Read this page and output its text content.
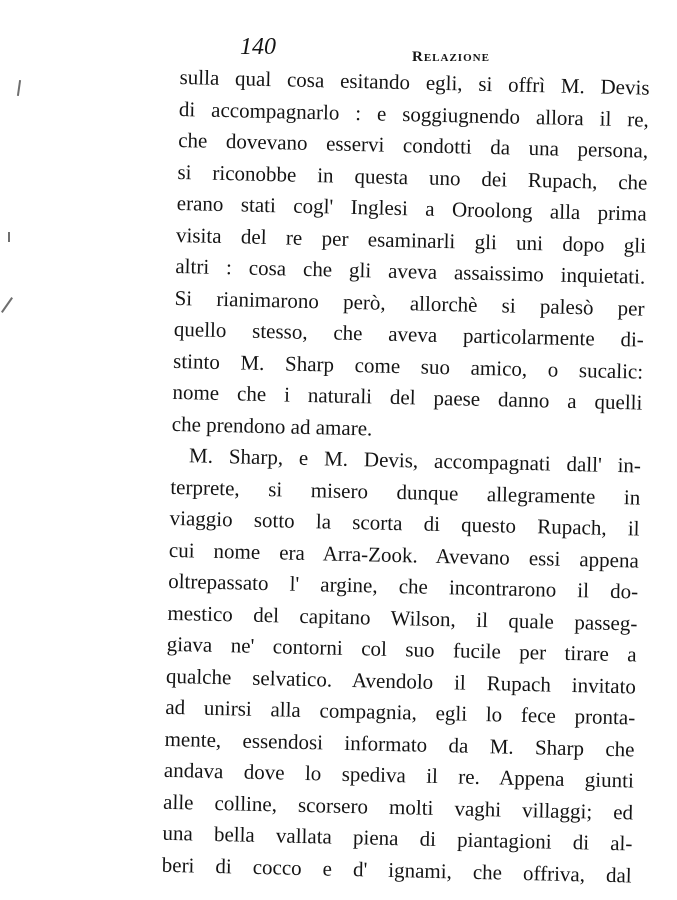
140	Relazione
sulla qual cosa esitando egli, si offrì M. Devis
di accompagnarlo : e soggiugnendo allora il re,
che dovevano esservi condotti da una persona,
si riconobbe in questa uno dei Rupach, che
erano stati cogl' Inglesi a Oroolong alla prima
visita del re per esaminarli gli uni dopo gli
altri : cosa che gli aveva assaissimo inquietati.
Si rianimarono però, allorchè si palesò per
quello stesso, che aveva particolarmente di-
stinto M. Sharp come suo amico, o sucalic:
nome che i naturali del paese danno a quelli
che prendono ad amare.
M. Sharp, e M. Devis, accompagnati dall' in-
terprete, si misero dunque allegramente in
viaggio sotto la scorta di questo Rupach, il
cui nome era Arra-Zook. Avevano essi appena
oltrepassato l' argine, che incontrarono il do-
mestico del capitano Wilson, il quale passeg-
giava ne' contorni col suo fucile per tirare a
qualche selvatico. Avendolo il Rupach invitato
ad unirsi alla compagnia, egli lo fece pronta-
mente, essendosi informato da M. Sharp che
andava dove lo spediva il re. Appena giunti
alle colline, scorsero molti vaghi villaggi; ed
una bella vallata piena di piantagioni di al-
beri di cocco e d' ignami, che offriva, dal
